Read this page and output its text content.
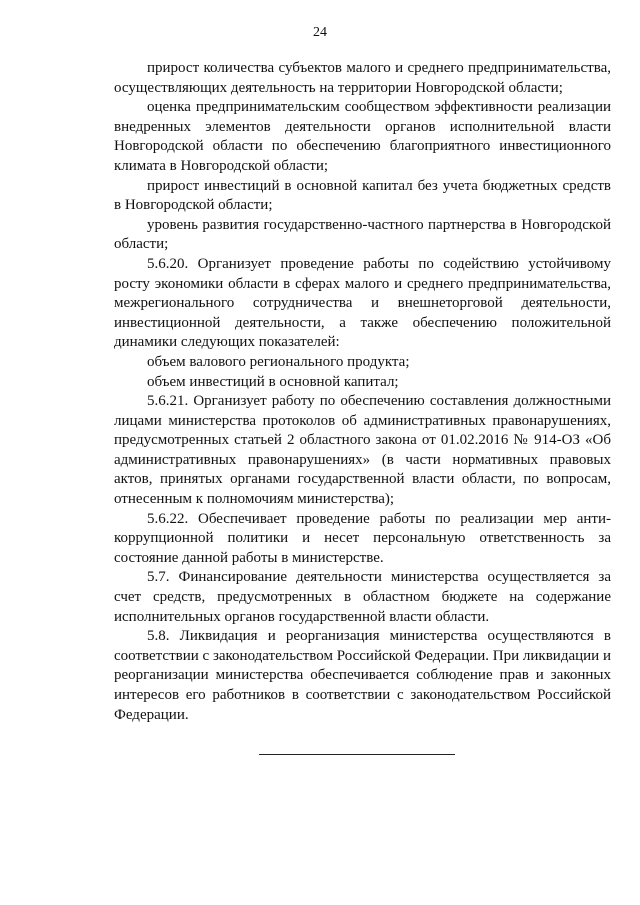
24

прирост количества субъектов малого и среднего предпринимательства, осуществляющих деятельность на территории Новгородской области;

оценка предпринимательским сообществом эффективности реализации внедренных элементов деятельности органов исполнительной власти Новгородской области по обеспечению благоприятного инвестиционного климата в Новгородской области;

прирост инвестиций в основной капитал без учета бюджетных средств в Новгородской области;

уровень развития государственно-частного партнерства в Новгородской области;

5.6.20. Организует проведение работы по содействию устойчивому росту экономики области в сферах малого и среднего предпринимательства, межрегионального сотрудничества и внешнеторговой деятельности, инвестиционной деятельности, а также обеспечению положительной динамики следующих показателей:

объем валового регионального продукта;

объем инвестиций в основной капитал;

5.6.21. Организует работу по обеспечению составления должностными лицами министерства протоколов об административных правонарушениях, предусмотренных статьей 2 областного закона от 01.02.2016 № 914-ОЗ «Об административных правонарушениях» (в части нормативных правовых актов, принятых органами государственной власти области, по вопросам, отнесенным к полномочиям министерства);

5.6.22. Обеспечивает проведение работы по реализации мер антикоррупционной политики и несет персональную ответственность за состояние данной работы в министерстве.

5.7. Финансирование деятельности министерства осуществляется за счет средств, предусмотренных в областном бюджете на содержание исполнительных органов государственной власти области.

5.8. Ликвидация и реорганизация министерства осуществляются в соответствии с законодательством Российской Федерации. При ликвидации и реорганизации министерства обеспечивается соблюдение прав и законных интересов его работников в соответствии с законодательством Российской Федерации.
